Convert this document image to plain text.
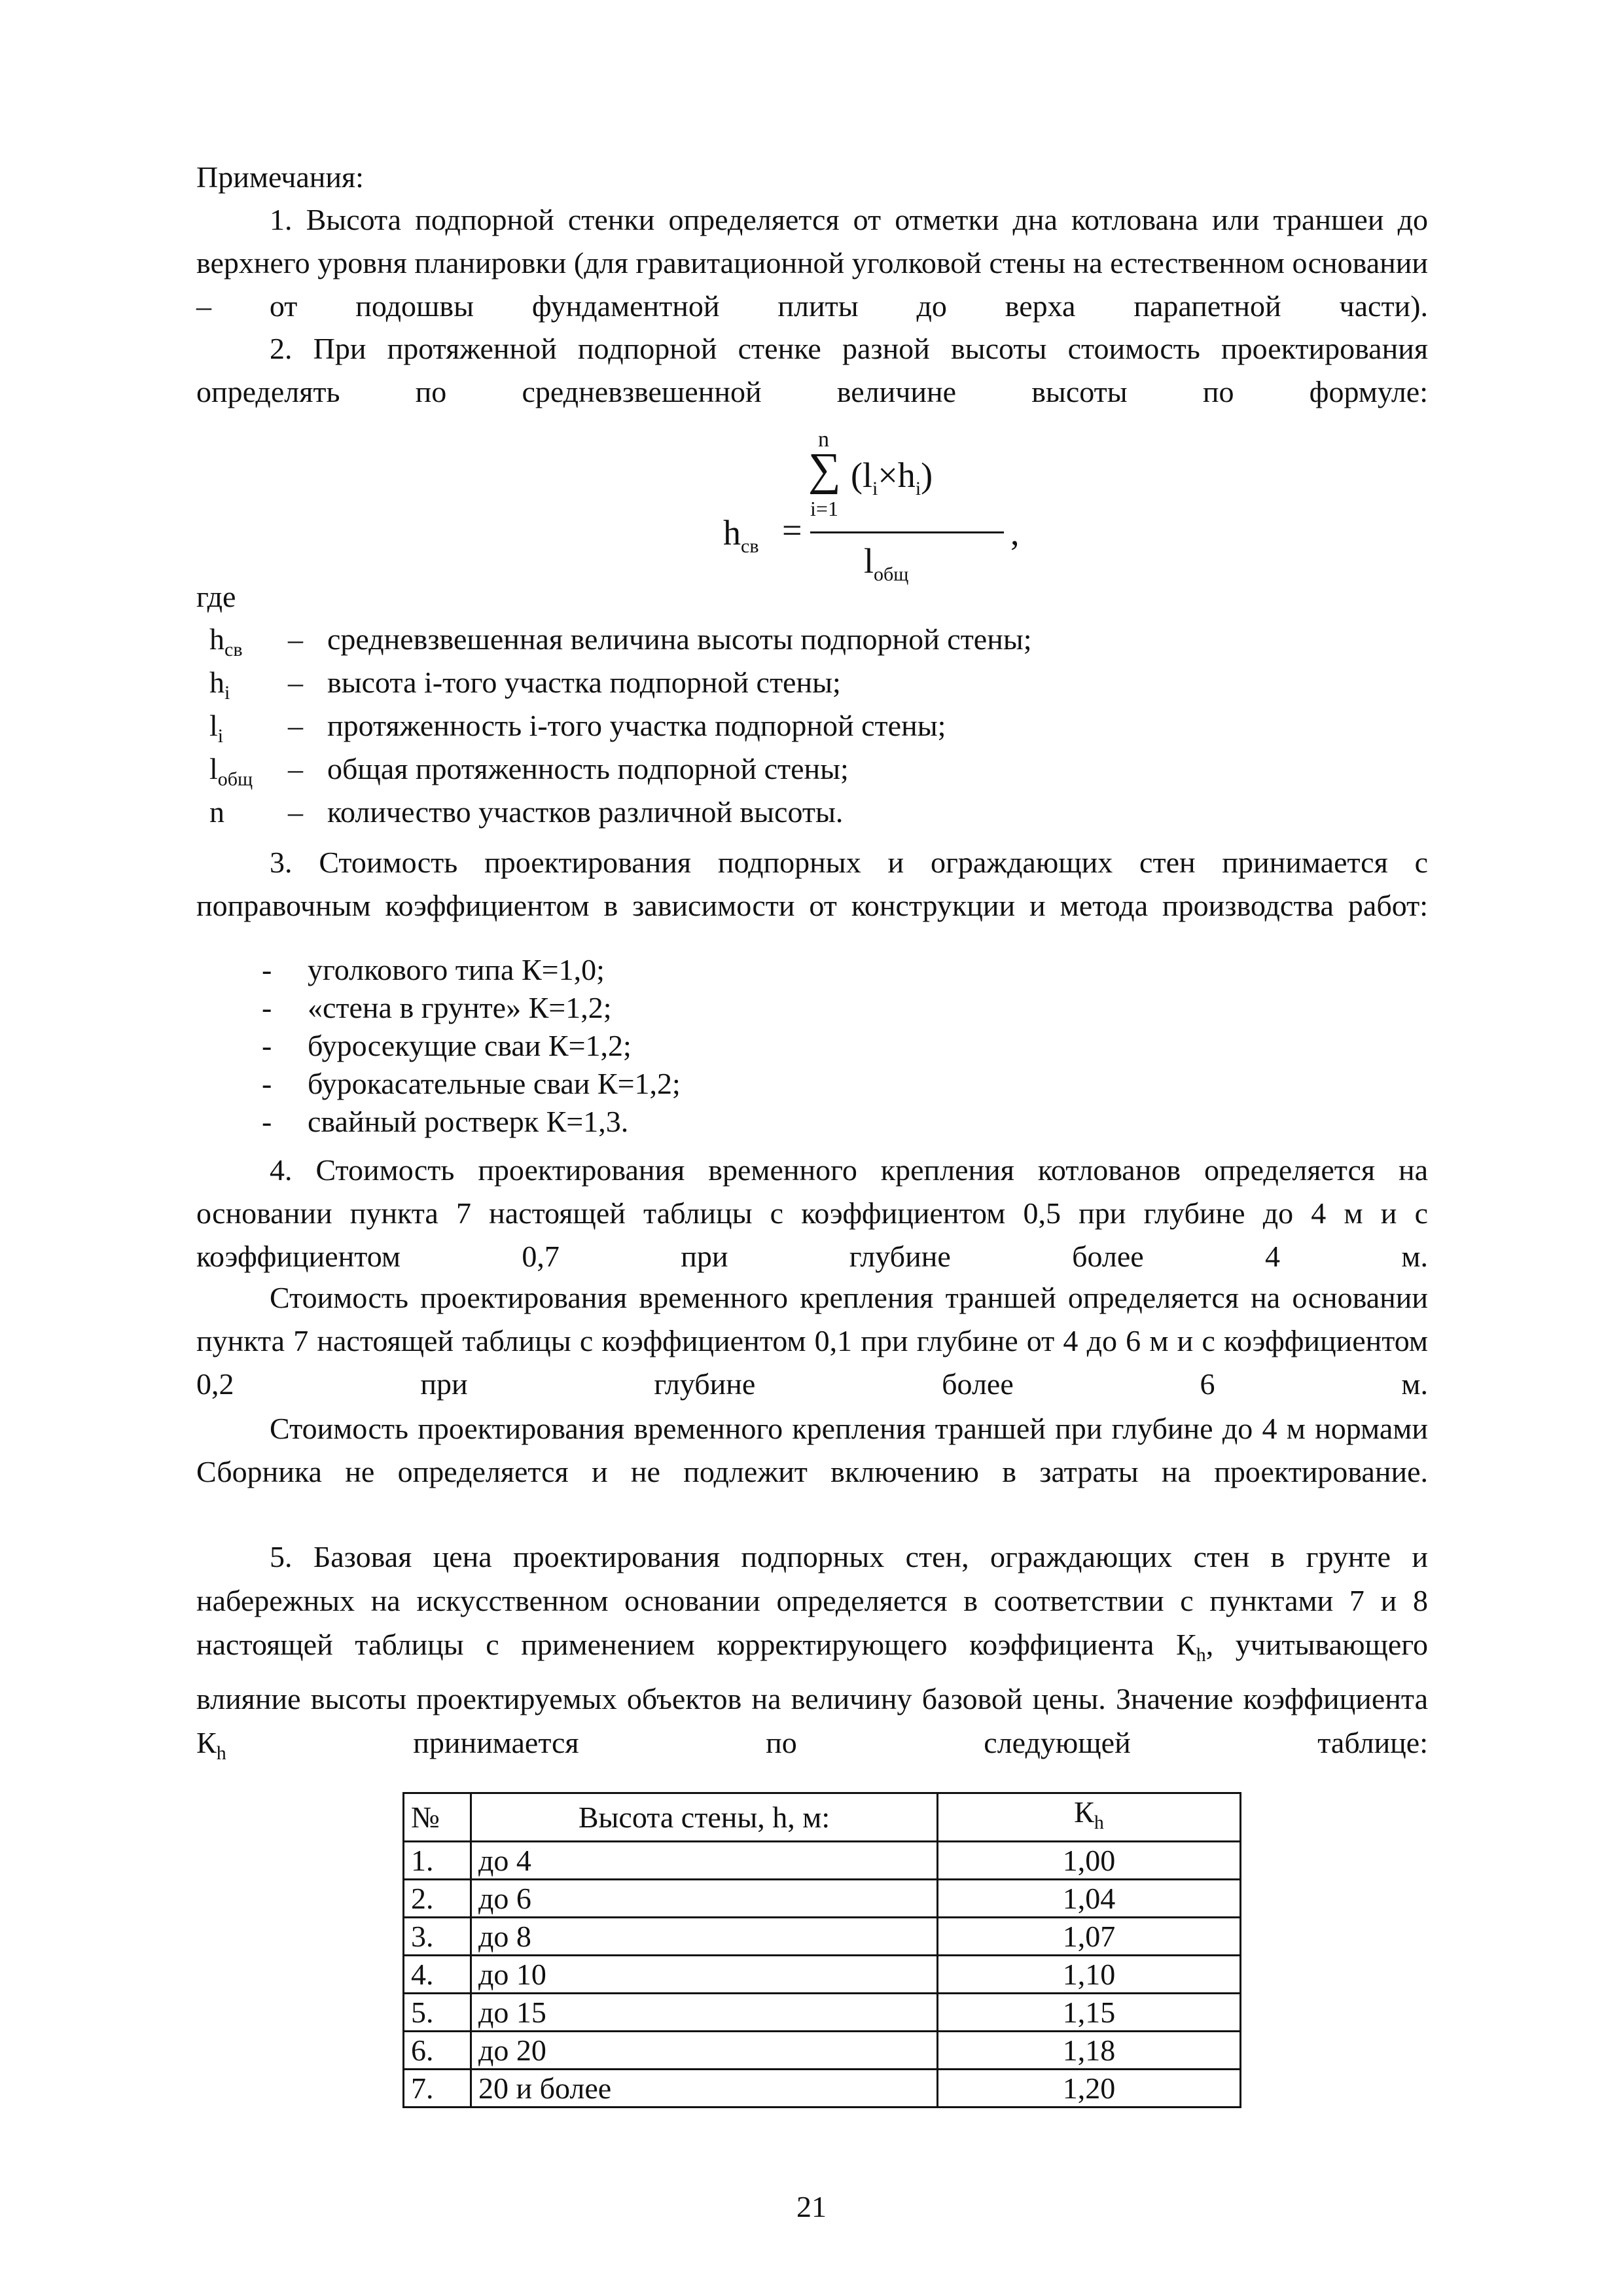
Примечания:

1. Высота подпорной стенки определяется от отметки дна котлована или траншеи до верхнего уровня планировки (для гравитационной уголковой стены на естественном основании – от подошвы фундаментной плиты до верха парапетной части).

2. При протяженной подпорной стенке разной высоты стоимость проектирования определять по средневзвешенной величине высоты по формуле:

$h_{св}$ =
n
∑
i=1
$(l_i\times h_i)$
$l_{общ}$
,
где
$h_{св}$ – средневзвешенная величина высоты подпорной стены;
$h_i$ – высота i-того участка подпорной стены;
$l_i$ – протяженность i-того участка подпорной стены;
$l_{общ}$ – общая протяженность подпорной стены;
n – количество участков различной высоты.

3. Стоимость проектирования подпорных и ограждающих стен принимается с поправочным коэффициентом в зависимости от конструкции и метода производства работ:

- уголкового типа К=1,0;
- «стена в грунте» К=1,2;
- буросекущие сваи К=1,2;
- бурокасательные сваи К=1,2;
- свайный ростверк К=1,3.

4. Стоимость проектирования временного крепления котлованов определяется на основании пункта 7 настоящей таблицы с коэффициентом 0,5 при глубине до 4 м и с коэффициентом 0,7 при глубине более 4 м.

Стоимость проектирования временного крепления траншей определяется на основании пункта 7 настоящей таблицы с коэффициентом 0,1 при глубине от 4 до 6 м и с коэффициентом 0,2 при глубине более 6 м.

Стоимость проектирования временного крепления траншей при глубине до 4 м нормами Сборника не определяется и не подлежит включению в затраты на проектирование.

5. Базовая цена проектирования подпорных стен, ограждающих стен в грунте и набережных на искусственном основании определяется в соответствии с пунктами 7 и 8 настоящей таблицы с применением корректирующего коэффициента $К_h$, учитывающего влияние высоты проектируемых объектов на величину базовой цены. Значение коэффициента $К_h$ принимается по следующей таблице:

№	Высота стены, h, м:	$К_h$
1.	до 4	1,00
2.	до 6	1,04
3.	до 8	1,07
4.	до 10	1,10
5.	до 15	1,15
6.	до 20	1,18
7.	20 и более	1,20
21
